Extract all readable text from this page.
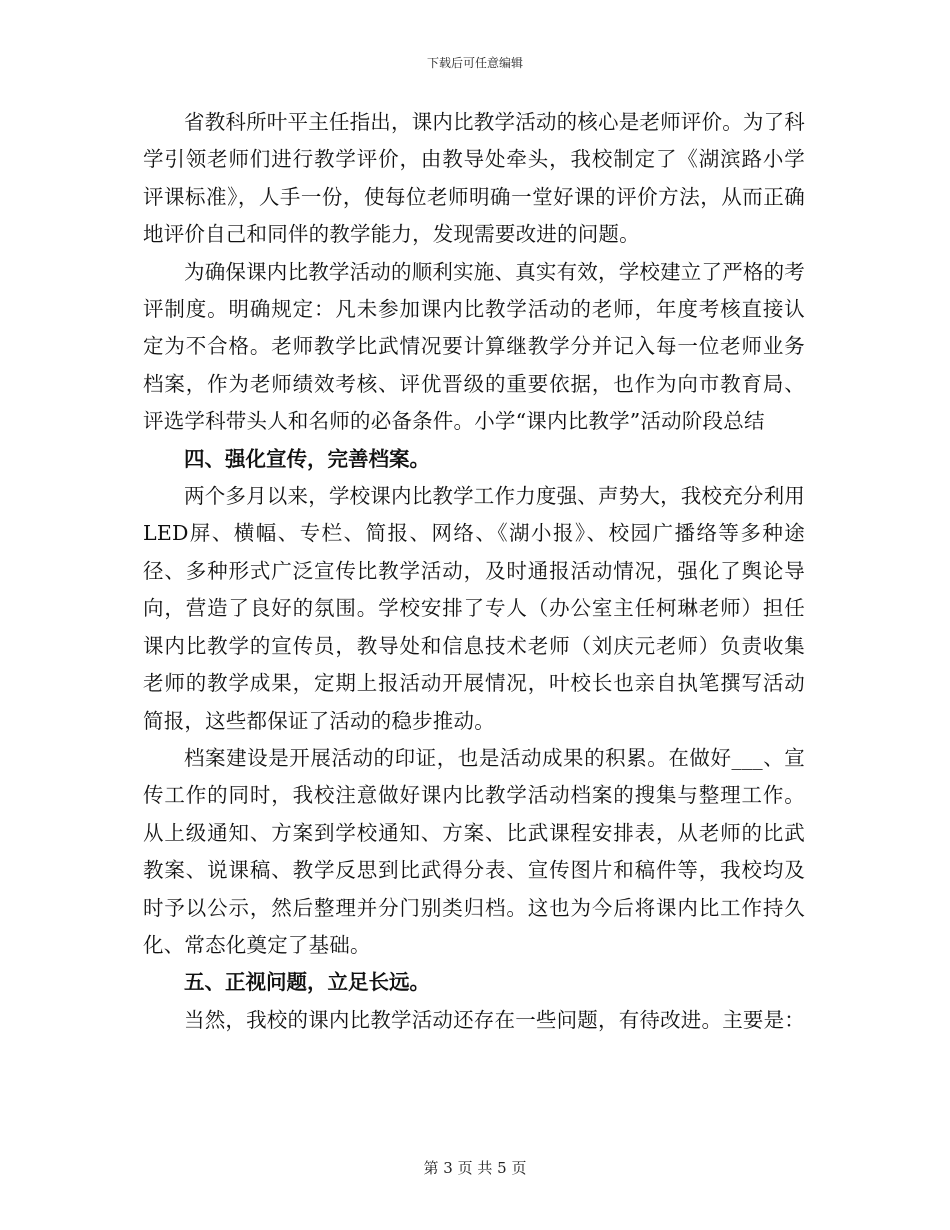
下载后可任意编辑

省教科所叶平主任指出，课内比教学活动的核心是老师评价。为了科学引领老师们进行教学评价，由教导处牵头，我校制定了《湖滨路小学评课标准》，人手一份，使每位老师明确一堂好课的评价方法，从而正确地评价自己和同伴的教学能力，发现需要改进的问题。

为确保课内比教学活动的顺利实施、真实有效，学校建立了严格的考评制度。明确规定：凡未参加课内比教学活动的老师，年度考核直接认定为不合格。老师教学比武情况要计算继教学分并记入每一位老师业务档案，作为老师绩效考核、评优晋级的重要依据，也作为向市教育局、评选学科带头人和名师的必备条件。小学“课内比教学”活动阶段总结

四、强化宣传，完善档案。

两个多月以来，学校课内比教学工作力度强、声势大，我校充分利用LED屏、横幅、专栏、简报、网络、《湖小报》、校园广播络等多种途径、多种形式广泛宣传比教学活动，及时通报活动情况，强化了舆论导向，营造了良好的氛围。学校安排了专人（办公室主任柯琳老师）担任课内比教学的宣传员，教导处和信息技术老师（刘庆元老师）负责收集老师的教学成果，定期上报活动开展情况，叶校长也亲自执笔撰写活动简报，这些都保证了活动的稳步推动。

档案建设是开展活动的印证，也是活动成果的积累。在做好___、宣传工作的同时，我校注意做好课内比教学活动档案的搜集与整理工作。从上级通知、方案到学校通知、方案、比武课程安排表，从老师的比武教案、说课稿、教学反思到比武得分表、宣传图片和稿件等，我校均及时予以公示，然后整理并分门别类归档。这也为今后将课内比工作持久化、常态化奠定了基础。

五、正视问题，立足长远。

当然，我校的课内比教学活动还存在一些问题，有待改进。主要是：

第 3 页 共 5 页
